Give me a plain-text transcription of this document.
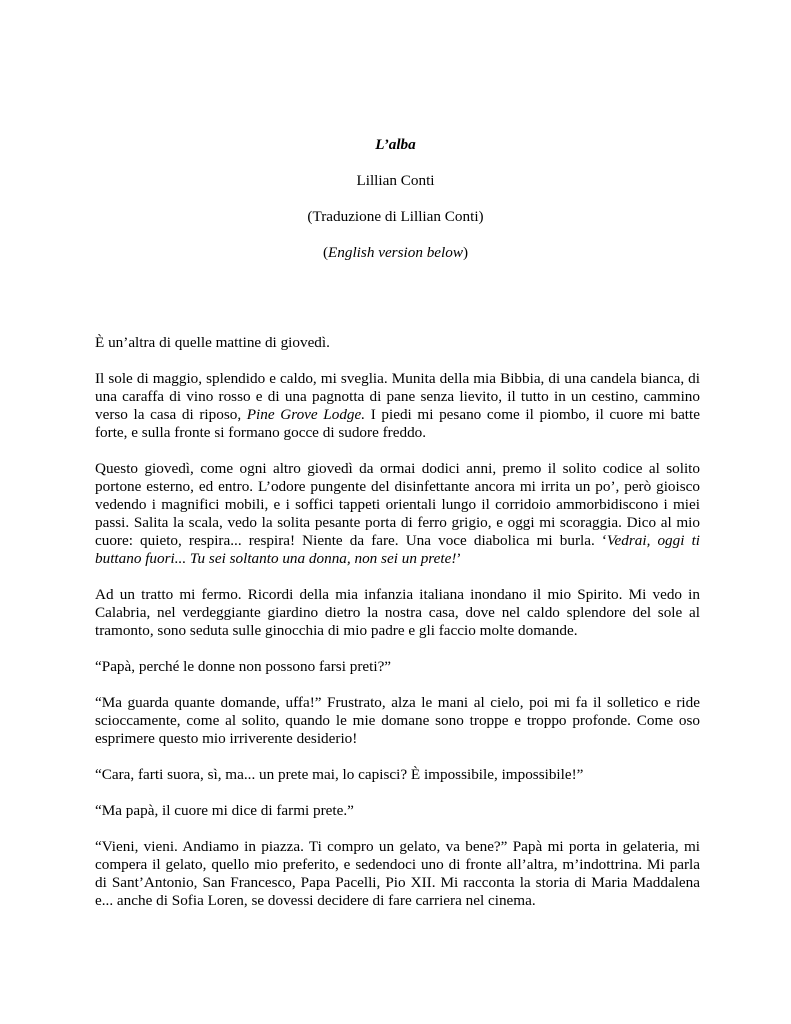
L’alba
Lillian Conti
(Traduzione di Lillian Conti)
(English version below)

È un’altra di quelle mattine di giovedì.

Il sole di maggio, splendido e caldo, mi sveglia. Munita della mia Bibbia, di una candela bianca, di una caraffa di vino rosso e di una pagnotta di pane senza lievito, il tutto in un cestino, cammino verso la casa di riposo, Pine Grove Lodge. I piedi mi pesano come il piombo, il cuore mi batte forte, e sulla fronte si formano gocce di sudore freddo.

Questo giovedì, come ogni altro giovedì da ormai dodici anni, premo il solito codice al solito portone esterno, ed entro. L’odore pungente del disinfettante ancora mi irrita un po’, però gioisco vedendo i magnifici mobili, e i soffici tappeti orientali lungo il corridoio ammorbidiscono i miei passi. Salita la scala, vedo la solita pesante porta di ferro grigio, e oggi mi scoraggia. Dico al mio cuore: quieto, respira... respira! Niente da fare. Una voce diabolica mi burla. ‘Vedrai, oggi ti buttano fuori... Tu sei soltanto una donna, non sei un prete!’

Ad un tratto mi fermo. Ricordi della mia infanzia italiana inondano il mio Spirito. Mi vedo in Calabria, nel verdeggiante giardino dietro la nostra casa, dove nel caldo splendore del sole al tramonto, sono seduta sulle ginocchia di mio padre e gli faccio molte domande.

“Papà, perché le donne non possono farsi preti?”

“Ma guarda quante domande, uffa!” Frustrato, alza le mani al cielo, poi mi fa il solletico e ride scioccamente, come al solito, quando le mie domane sono troppe e troppo profonde. Come oso esprimere questo mio irriverente desiderio!

“Cara, farti suora, sì, ma... un prete mai, lo capisci? È impossibile, impossibile!”

“Ma papà, il cuore mi dice di farmi prete.”

“Vieni, vieni. Andiamo in piazza. Ti compro un gelato, va bene?” Papà mi porta in gelateria, mi compera il gelato, quello mio preferito, e sedendoci uno di fronte all’altra, m’indottrina. Mi parla di Sant’Antonio, San Francesco, Papa Pacelli, Pio XII. Mi racconta la storia di Maria Maddalena e... anche di Sofia Loren, se dovessi decidere di fare carriera nel cinema.
